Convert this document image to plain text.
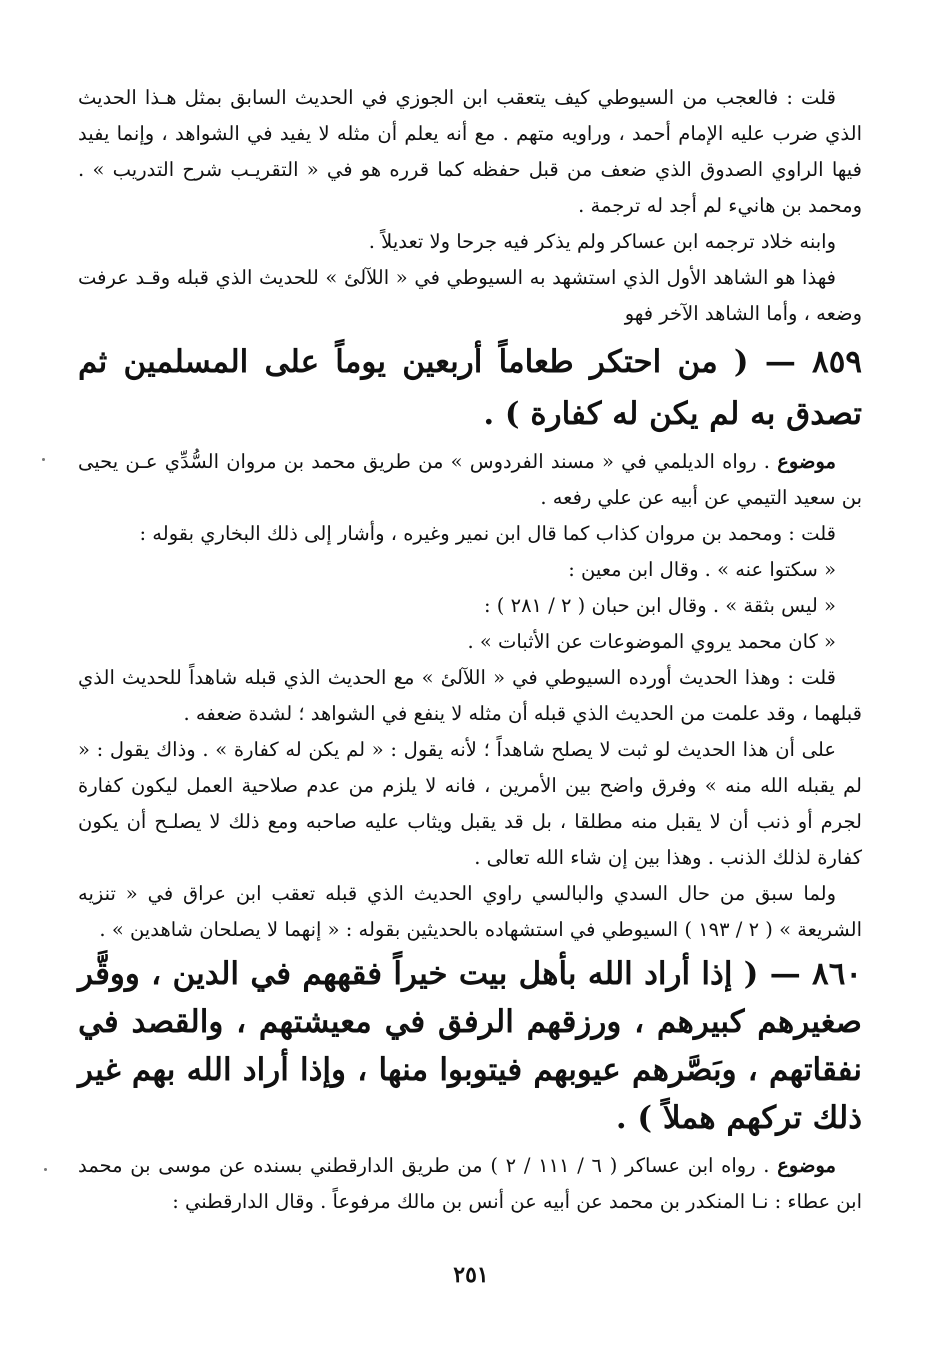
قلت : فالعجب من السيوطي كيف يتعقب ابن الجوزي في الحديث السابق بمثل هـذا الحديث الذي ضرب عليه الإمام أحمد ، وراويه متهم . مع أنه يعلم أن مثله لا يفيد في الشواهد ، وإنما يفيد فيها الراوي الصدوق الذي ضعف من قبل حفظه كما قرره هو في « التقريـب شرح التدريب » . ومحمد بن هانيء لم أجد له ترجمة .

وابنه خلاد ترجمه ابن عساكر ولم يذكر فيه جرحا ولا تعديلاً .

فهذا هو الشاهد الأول الذي استشهد به السيوطي في « اللآلئ » للحديث الذي قبله وقـد عرفت وضعه ، وأما الشاهد الآخر فهو

٨٥٩ — ( من احتكر طعاماً أربعين يوماً على المسلمين ثم تصدق به لم يكن له كفارة ) .

موضوع . رواه الديلمي في « مسند الفردوس » من طريق محمد بن مروان السُّدِّي عـن يحيى بن سعيد التيمي عن أبيه عن علي رفعه .

قلت : ومحمد بن مروان كذاب كما قال ابن نمير وغيره ، وأشار إلى ذلك البخاري بقوله :

« سكتوا عنه » . وقال ابن معين :

« ليس بثقة » . وقال ابن حبان ( ٢ / ٢٨١ ) :

« كان محمد يروي الموضوعات عن الأثبات » .

قلت : وهذا الحديث أورده السيوطي في « اللآلئ » مع الحديث الذي قبله شاهداً للحديث الذي قبلهما ، وقد علمت من الحديث الذي قبله أن مثله لا ينفع في الشواهد ؛ لشدة ضعفه .

على أن هذا الحديث لو ثبت لا يصلح شاهداً ؛ لأنه يقول : « لم يكن له كفارة » . وذاك يقول : « لم يقبله الله منه » وفرق واضح بين الأمرين ، فانه لا يلزم من عدم صلاحية العمل ليكون كفارة لجرم أو ذنب أن لا يقبل منه مطلقا ، بل قد يقبل ويثاب عليه صاحبه ومع ذلك لا يصلـح أن يكون كفارة لذلك الذنب . وهذا بين إن شاء الله تعالى .

ولما سبق من حال السدي والبالسي راوي الحديث الذي قبله تعقب ابن عراق في « تنزيه الشريعة » ( ٢ / ١٩٣ ) السيوطي في استشهاده بالحديثين بقوله : « إنهما لا يصلحان شاهدين » .

٨٦٠ — ( إذا أراد الله بأهل بيت خيراً فقههم في الدين ، ووقَّر صغيرهم كبيرهم ، ورزقهم الرفق في معيشتهم ، والقصد في نفقاتهم ، وبَصَّرهم عيوبهم فيتوبوا منها ، وإذا أراد الله بهم غير ذلك تركهم هملاً ) .

موضوع . رواه ابن عساكر ( ٦ / ١١١ / ٢ ) من طريق الدارقطني بسنده عن موسى بن محمد ابن عطاء : نـا المنكدر بن محمد عن أبيه عن أنس بن مالك مرفوعاً . وقال الدارقطني :

٢٥١
